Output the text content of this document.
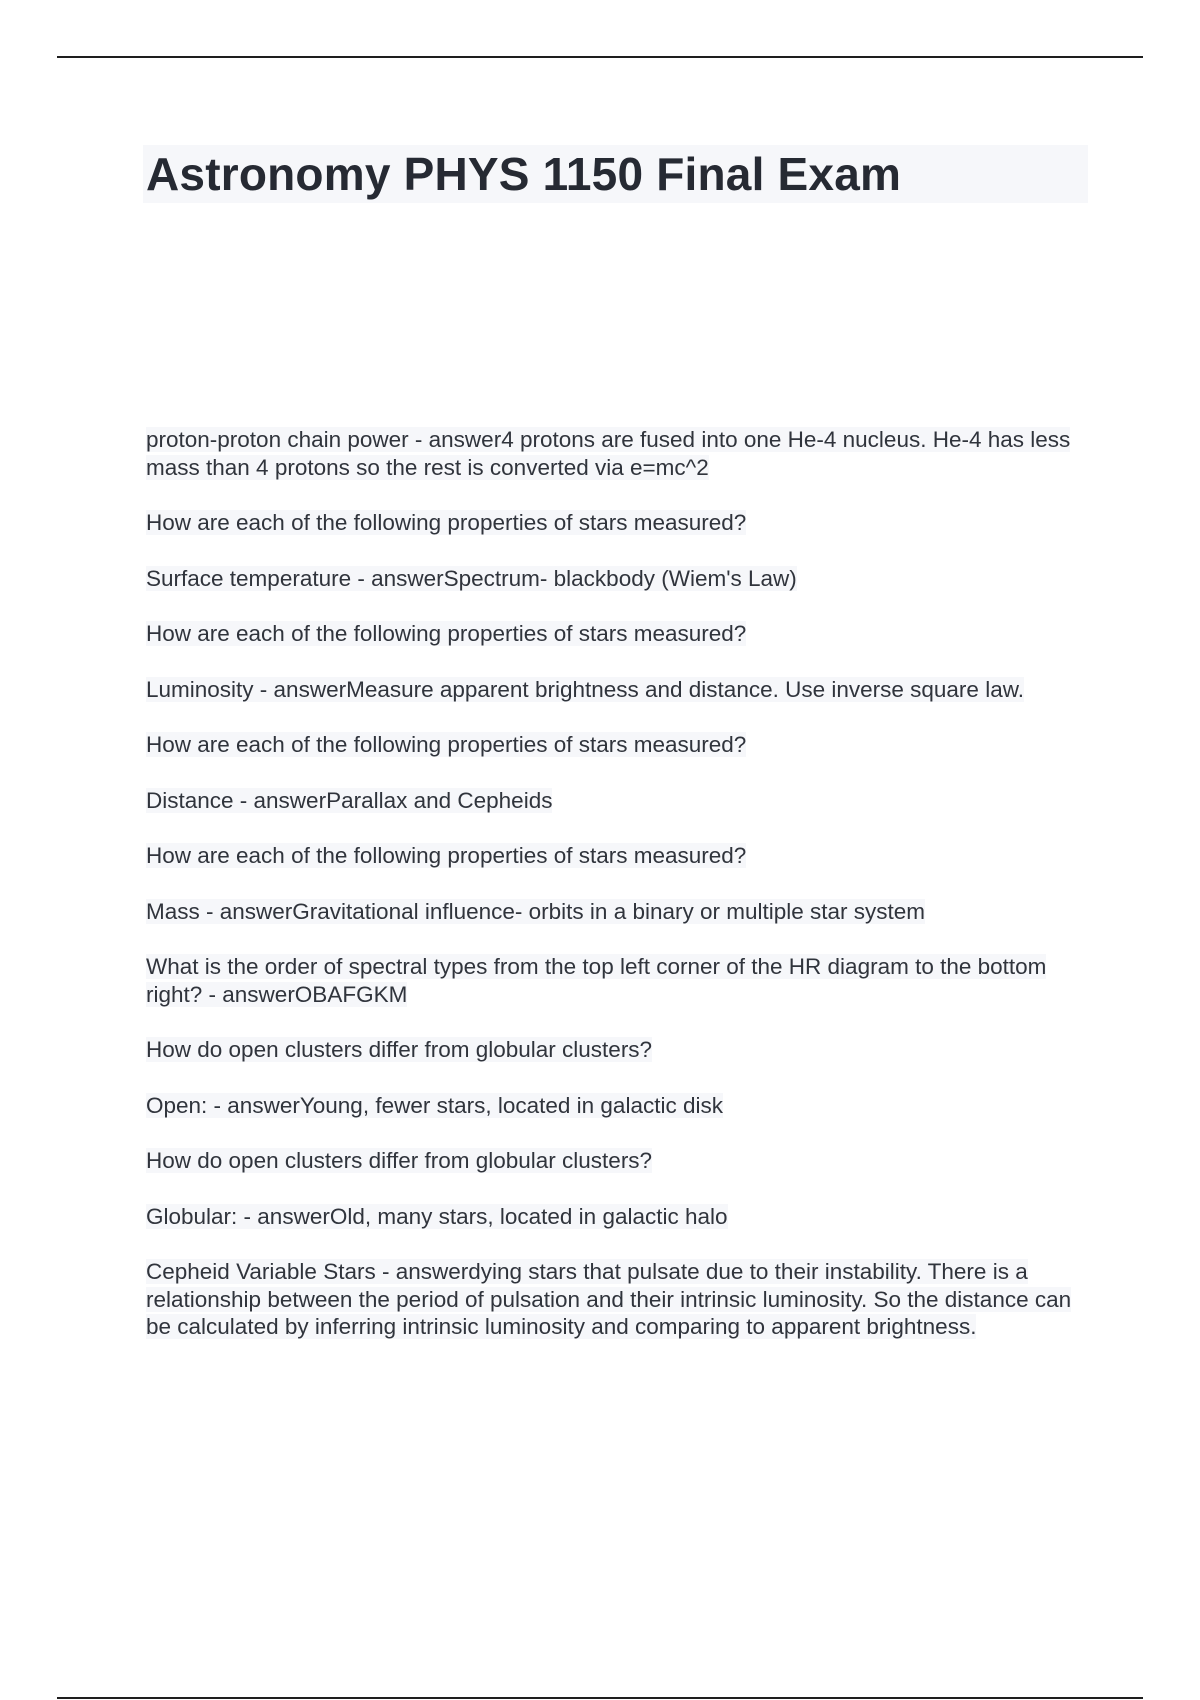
Astronomy PHYS 1150 Final Exam

proton-proton chain power - answer4 protons are fused into one He-4 nucleus. He-4 has less mass than 4 protons so the rest is converted via e=mc^2

How are each of the following properties of stars measured?

Surface temperature - answerSpectrum- blackbody (Wiem's Law)

How are each of the following properties of stars measured?

Luminosity - answerMeasure apparent brightness and distance. Use inverse square law.

How are each of the following properties of stars measured?

Distance - answerParallax and Cepheids

How are each of the following properties of stars measured?

Mass - answerGravitational influence- orbits in a binary or multiple star system

What is the order of spectral types from the top left corner of the HR diagram to the bottom right? - answerOBAFGKM

How do open clusters differ from globular clusters?

Open: - answerYoung, fewer stars, located in galactic disk

How do open clusters differ from globular clusters?

Globular: - answerOld, many stars, located in galactic halo

Cepheid Variable Stars - answerdying stars that pulsate due to their instability. There is a relationship between the period of pulsation and their intrinsic luminosity. So the distance can be calculated by inferring intrinsic luminosity and comparing to apparent brightness.
